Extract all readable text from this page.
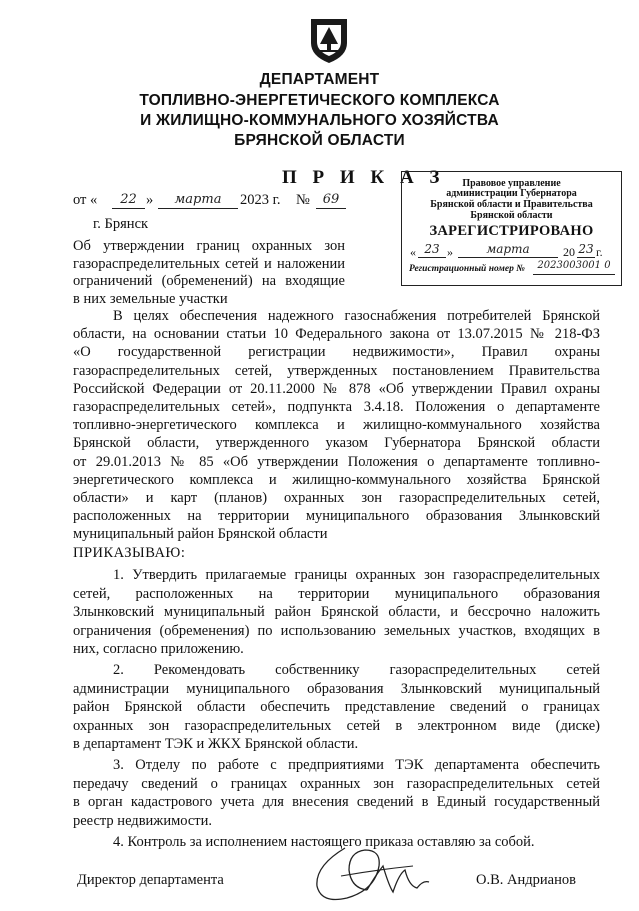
ДЕПАРТАМЕНТ
ТОПЛИВНО-ЭНЕРГЕТИЧЕСКОГО КОМПЛЕКСА
И ЖИЛИЩНО-КОММУНАЛЬНОГО ХОЗЯЙСТВА
БРЯНСКОЙ ОБЛАСТИ
П Р И К А З
от «	22 »	марта	2023 г. № 69
г. Брянск
Об утверждении границ охранных зон
газораспределительных сетей и наложении
ограничений (обременений) на входящие
в них земельные участки
Правовое управление
администрации Губернатора
Брянской области и Правительства
Брянской области
ЗАРЕГИСТРИРОВАНО
« 23 »	марта	20 23 г.
Регистрационный номер №	2023003001 0
В целях обеспечения надежного газоснабжения потребителей Брянской
области, на основании статьи 10 Федерального закона от 13.07.2015 № 218-ФЗ
«О государственной регистрации недвижимости», Правил охраны
газораспределительных сетей, утвержденных постановлением Правительства
Российской Федерации от 20.11.2000 № 878 «Об утверждении Правил охраны
газораспределительных сетей», подпункта 3.4.18. Положения о департаменте
топливно-энергетического комплекса и жилищно-коммунального хозяйства
Брянской области, утвержденного указом Губернатора Брянской области
от 29.01.2013 № 85 «Об утверждении Положения о департаменте топливно-
энергетического комплекса и жилищно-коммунального хозяйства Брянской
области» и карт (планов) охранных зон газораспределительных сетей,
расположенных на территории муниципального образования Злынковский
муниципальный район Брянской области
ПРИКАЗЫВАЮ:
1. Утвердить прилагаемые границы охранных зон газораспределительных
сетей, расположенных на территории муниципального образования
Злынковский муниципальный район Брянской области, и бессрочно наложить
ограничения (обременения) по использованию земельных участков, входящих в
них, согласно приложению.
2. Рекомендовать собственнику газораспределительных сетей
администрации муниципального образования Злынковский муниципальный
район Брянской области обеспечить представление сведений о границах
охранных зон газораспределительных сетей в электронном виде (диске)
в департамент ТЭК и ЖКХ Брянской области.
3. Отделу по работе с предприятиями ТЭК департамента обеспечить
передачу сведений о границах охранных зон газораспределительных сетей
в орган кадастрового учета для внесения сведений в Единый государственный
реестр недвижимости.
Директор департамента	О.В. Андрианов
4. Контроль за исполнением настоящего приказа оставляю за собой.
